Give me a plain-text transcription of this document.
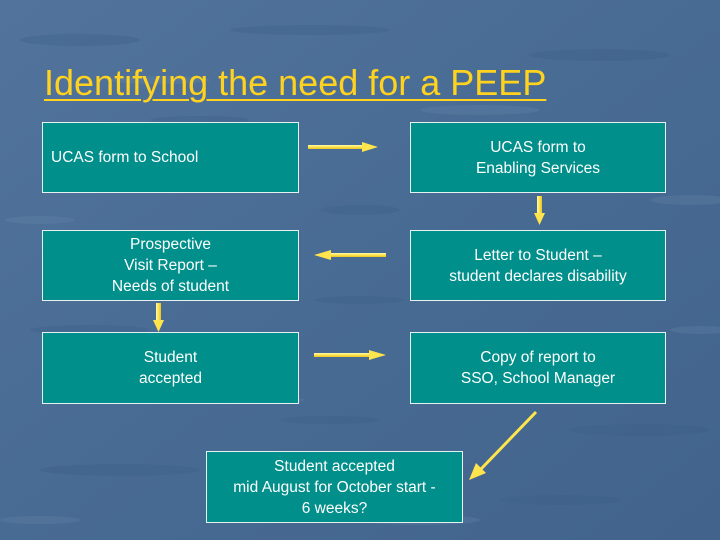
Identifying the need for a PEEP
UCAS form to School
UCAS form to
Enabling Services
Letter to Student –
student declares disability
Prospective
Visit Report –
Needs of student
Student
accepted
Copy of report to
SSO, School Manager
Student accepted
mid August for October start -
6 weeks?
